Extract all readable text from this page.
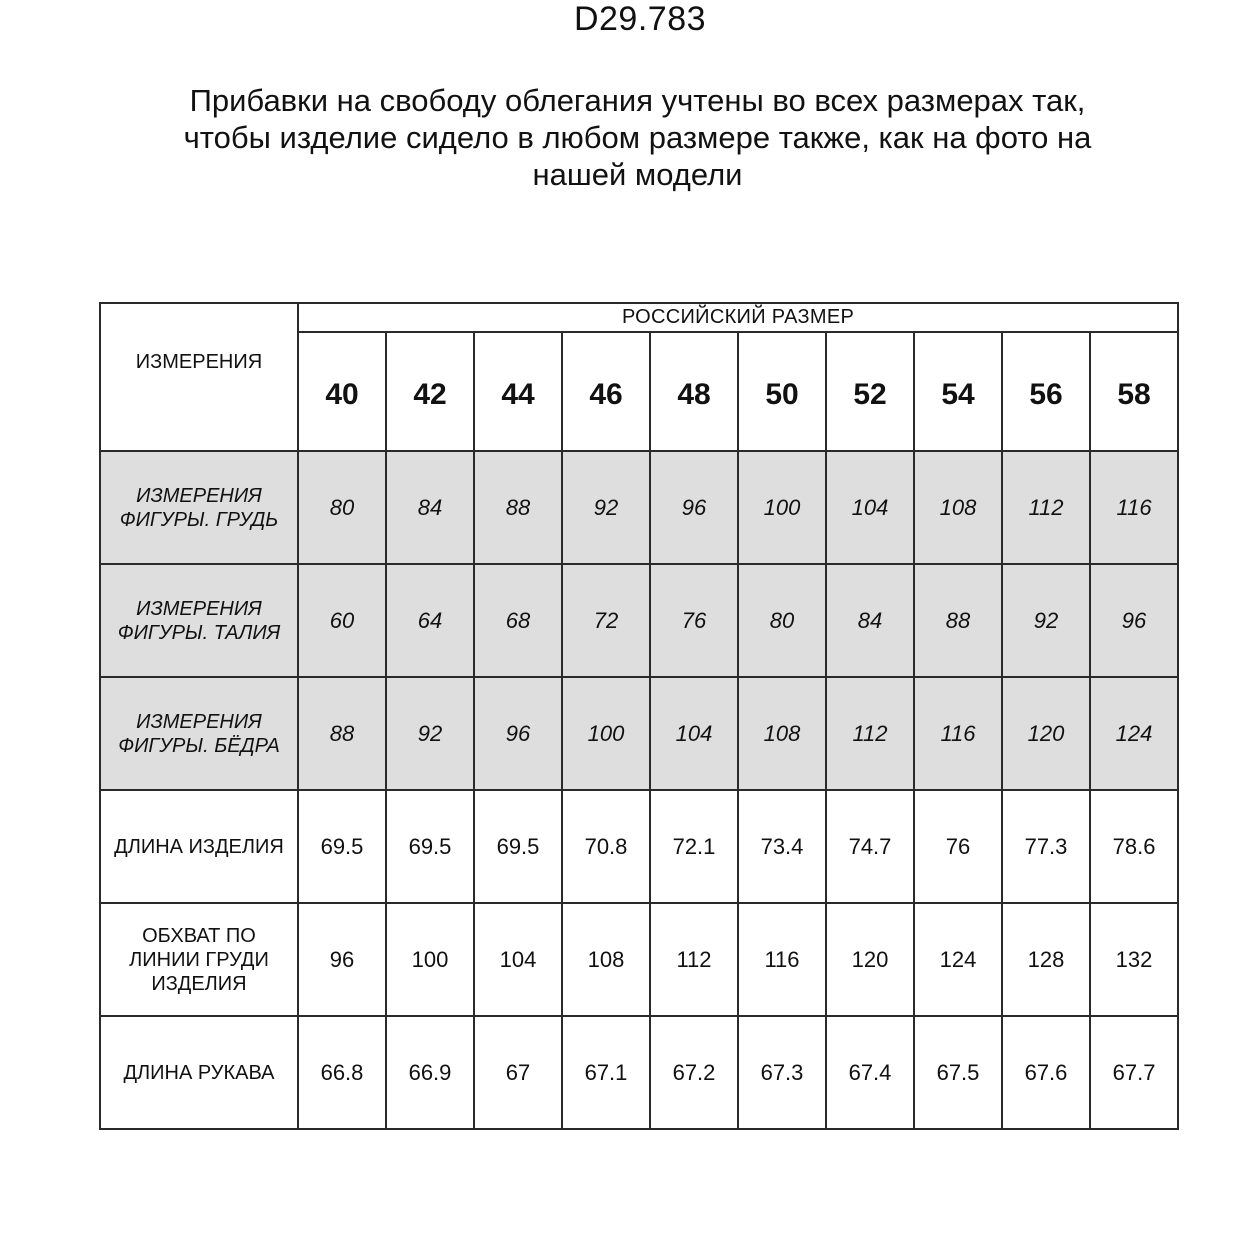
D29.783
Прибавки на свободу облегания учтены во всех размерах так,
чтобы изделие сидело в любом размере также, как на фото на
нашей модели
ИЗМЕРЕНИЯ	РОССИЙСКИЙ РАЗМЕР									
	40	42	44	46	48	50	52	54	56	58

ИЗМЕРЕНИЯ
ФИГУРЫ. ГРУДЬ	80	84	88	92	96	100	104	108	112	116

ИЗМЕРЕНИЯ
ФИГУРЫ. ТАЛИЯ	60	64	68	72	76	80	84	88	92	96

ИЗМЕРЕНИЯ
ФИГУРЫ. БЁДРА	88	92	96	100	104	108	112	116	120	124

ДЛИНА ИЗДЕЛИЯ	69.5	69.5	69.5	70.8	72.1	73.4	74.7	76	77.3	78.6

ОБХВАТ ПО
ЛИНИИ ГРУДИ
ИЗДЕЛИЯ	96	100	104	108	112	116	120	124	128	132

ДЛИНА РУКАВА	66.8	66.9	67	67.1	67.2	67.3	67.4	67.5	67.6	67.7
